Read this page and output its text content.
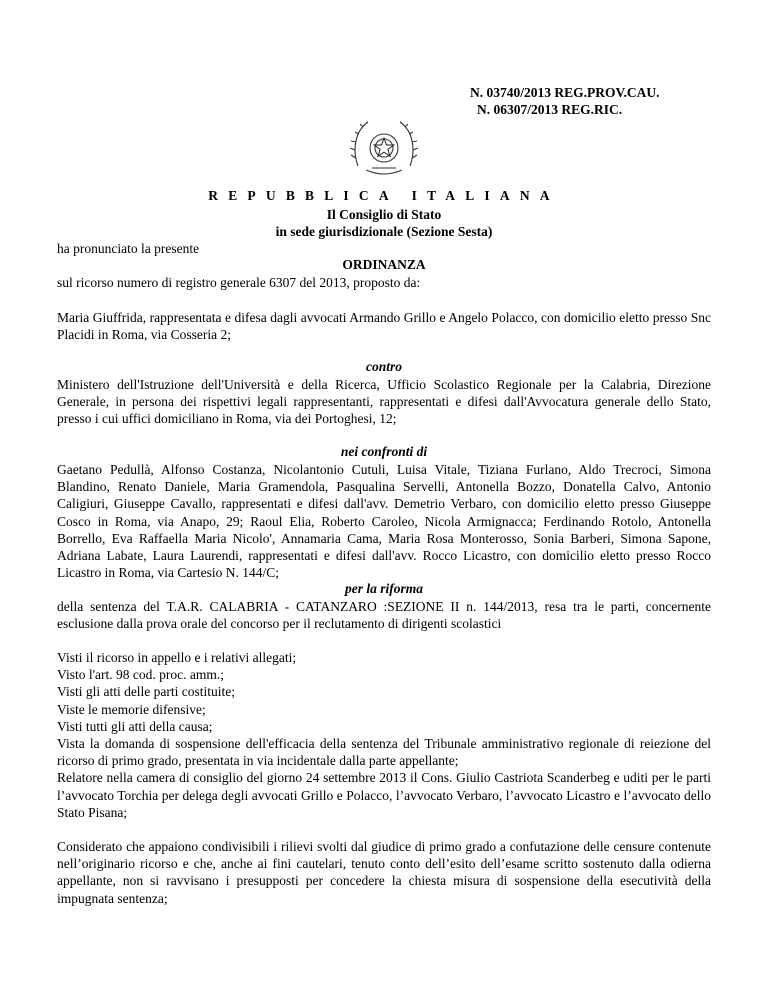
N. 03740/2013 REG.PROV.CAU.
N. 06307/2013 REG.RIC.
REPUBBLICA ITALIANA
Il Consiglio di Stato
in sede giurisdizionale (Sezione Sesta)
ha pronunciato la presente
ORDINANZA
sul ricorso numero di registro generale 6307 del 2013, proposto da:
Maria Giuffrida, rappresentata e difesa dagli avvocati Armando Grillo e Angelo Polacco, con domicilio eletto presso Snc Placidi in Roma, via Cosseria 2;
contro
Ministero dell'Istruzione dell'Università e della Ricerca, Ufficio Scolastico Regionale per la Calabria, Direzione Generale, in persona dei rispettivi legali rappresentanti, rappresentati e difesi dall'Avvocatura generale dello Stato, presso i cui uffici domiciliano in Roma, via dei Portoghesi, 12;
nei confronti di
Gaetano Pedullà, Alfonso Costanza, Nicolantonio Cutuli, Luisa Vitale, Tiziana Furlano, Aldo Trecroci, Simona Blandino, Renato Daniele, Maria Gramendola, Pasqualina Servelli, Antonella Bozzo, Donatella Calvo, Antonio Caligiuri, Giuseppe Cavallo, rappresentati e difesi dall'avv. Demetrio Verbaro, con domicilio eletto presso Giuseppe Cosco in Roma, via Anapo, 29; Raoul Elia, Roberto Caroleo, Nicola Armignacca; Ferdinando Rotolo, Antonella Borrello, Eva Raffaella Maria Nicolo', Annamaria Cama, Maria Rosa Monterosso, Sonia Barberi, Simona Sapone, Adriana Labate, Laura Laurendi, rappresentati e difesi dall'avv. Rocco Licastro, con domicilio eletto presso Rocco Licastro in Roma, via Cartesio N. 144/C;
per la riforma
della sentenza del T.A.R. CALABRIA - CATANZARO :SEZIONE II n. 144/2013, resa tra le parti, concernente esclusione dalla prova orale del concorso per il reclutamento di dirigenti scolastici

Visti il ricorso in appello e i relativi allegati;

Visto l'art. 98 cod. proc. amm.;

Visti gli atti delle parti costituite;

Viste le memorie difensive;

Visti tutti gli atti della causa;

Vista la domanda di sospensione dell'efficacia della sentenza del Tribunale amministrativo regionale di reiezione del ricorso di primo grado, presentata in via incidentale dalla parte appellante;

Relatore nella camera di consiglio del giorno 24 settembre 2013 il Cons. Giulio Castriota Scanderbeg e uditi per le parti l’avvocato Torchia per delega degli avvocati Grillo e Polacco, l’avvocato Verbaro, l’avvocato Licastro e l’avvocato dello Stato Pisana;

Considerato che appaiono condivisibili i rilievi svolti dal giudice di primo grado a confutazione delle censure contenute nell’originario ricorso e che, anche ai fini cautelari, tenuto conto dell’esito dell’esame scritto sostenuto dalla odierna appellante, non si ravvisano i presupposti per concedere la chiesta misura di sospensione della esecutività della impugnata sentenza;
